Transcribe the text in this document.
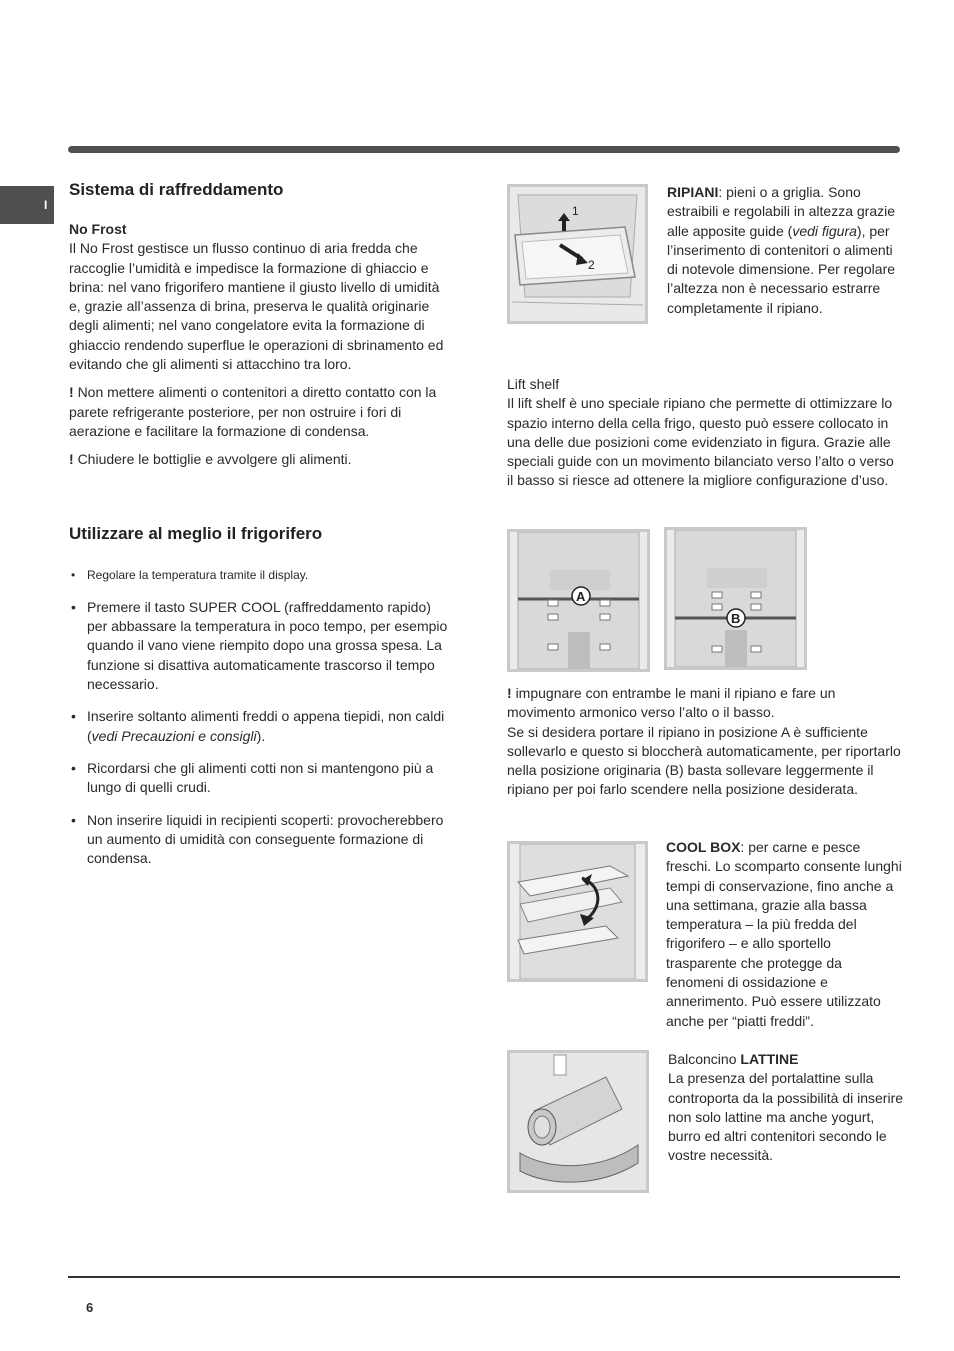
I
Sistema di raffreddamento

No Frost

Il No Frost gestisce un flusso continuo di aria fredda che raccoglie l’umidità e impedisce la formazione di ghiaccio e brina: nel vano frigorifero mantiene il giusto livello di umidità e, grazie all’assenza di brina, preserva le qualità originarie degli alimenti; nel vano congelatore evita la formazione di ghiaccio rendendo superflue le operazioni di sbrinamento ed evitando che gli alimenti si attacchino tra loro.

! Non mettere alimenti o contenitori a diretto contatto con la parete refrigerante posteriore, per non ostruire i fori di aerazione e facilitare la formazione di condensa.

! Chiudere le bottiglie e avvolgere gli alimenti.

Utilizzare al meglio il frigorifero
• Regolare la temperatura tramite il display.
• Premere il tasto SUPER COOL (raffreddamento rapido) per abbassare la temperatura in poco tempo, per esempio quando il vano viene riempito dopo una grossa spesa. La funzione si disattiva automaticamente trascorso il tempo necessario.
• Inserire soltanto alimenti freddi o appena tiepidi, non caldi (vedi Precauzioni e consigli).
• Ricordarsi che gli alimenti cotti non si mantengono più a lungo di quelli crudi.
• Non inserire liquidi in recipienti scoperti: provocherebbero un aumento di umidità con conseguente formazione di condensa.
1
2
RIPIANI: pieni o a griglia. Sono estraibili e regolabili in altezza grazie alle apposite guide (vedi figura), per l’inserimento di contenitori o alimenti di notevole dimensione. Per regolare l’altezza non è necessario estrarre completamente il ripiano.
Lift shelf
Il lift shelf è uno speciale ripiano che permette di ottimizzare lo spazio interno della cella frigo, questo può essere collocato in una delle due posizioni come evidenziato in figura. Grazie alle speciali guide con un movimento bilanciato verso l’alto o verso il basso si riesce ad ottenere la migliore configurazione d’uso.
A
B
! impugnare con entrambe le mani il ripiano e fare un movimento armonico verso l’alto o il basso.
Se si desidera portare il ripiano in posizione A è sufficiente sollevarlo e questo si bloccherà automaticamente, per riportarlo nella posizione originaria (B) basta sollevare leggermente il ripiano per poi farlo scendere nella posizione desiderata.
COOL BOX: per carne e pesce freschi. Lo scomparto consente lunghi tempi di conservazione, fino anche a una settimana, grazie alla bassa temperatura – la più fredda del frigorifero – e allo sportello trasparente che protegge da fenomeni di ossidazione e annerimento. Può essere utilizzato anche per “piatti freddi”.
Balconcino LATTINE
La presenza del portalattine sulla controporta da la possibilità di inserire non solo lattine ma anche yogurt, burro ed altri contenitori secondo le vostre necessità.
6
